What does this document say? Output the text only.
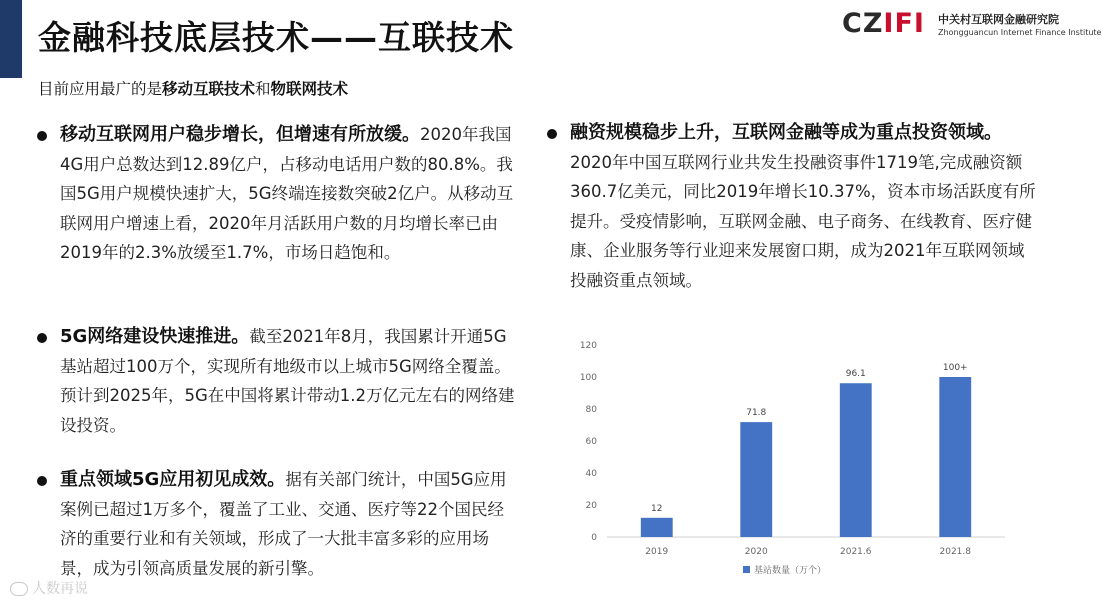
金融科技底层技术——互联技术	CZIFI 中关村互联网金融研究院
Zhongguancun Internet Finance Institute
目前应用最广的是移动互联技术和物联网技术
移动互联网用户稳步增长，但增速有所放缓。2020年我国4G用户总数达到12.89亿户，占移动电话用户数的80.8%。我国5G用户规模快速扩大，5G终端连接数突破2亿户。从移动互联网用户增速上看，2020年月活跃用户数的月均增长率已由2019年的2.3%放缓至1.7%，市场日趋饱和。
5G网络建设快速推进。截至2021年8月，我国累计开通5G基站超过100万个，实现所有地级市以上城市5G网络全覆盖。预计到2025年，5G在中国将累计带动1.2万亿元左右的网络建设投资。
重点领域5G应用初见成效。据有关部门统计，中国5G应用案例已超过1万多个，覆盖了工业、交通、医疗等22个国民经济的重要行业和有关领域，形成了一大批丰富多彩的应用场景，成为引领高质量发展的新引擎。
融资规模稳步上升，互联网金融等成为重点投资领域。2020年中国互联网行业共发生投融资事件1719笔,完成融资额360.7亿美元，同比2019年增长10.37%，资本市场活跃度有所提升。受疫情影响，互联网金融、电子商务、在线教育、医疗健康、企业服务等行业迎来发展窗口期，成为2021年互联网领域投融资重点领域。
0
20
40
60
80
100
120
12
2019
71.8
2020
96.1
2021.6
100+
2021.8
基站数量（万个）
人数再说
